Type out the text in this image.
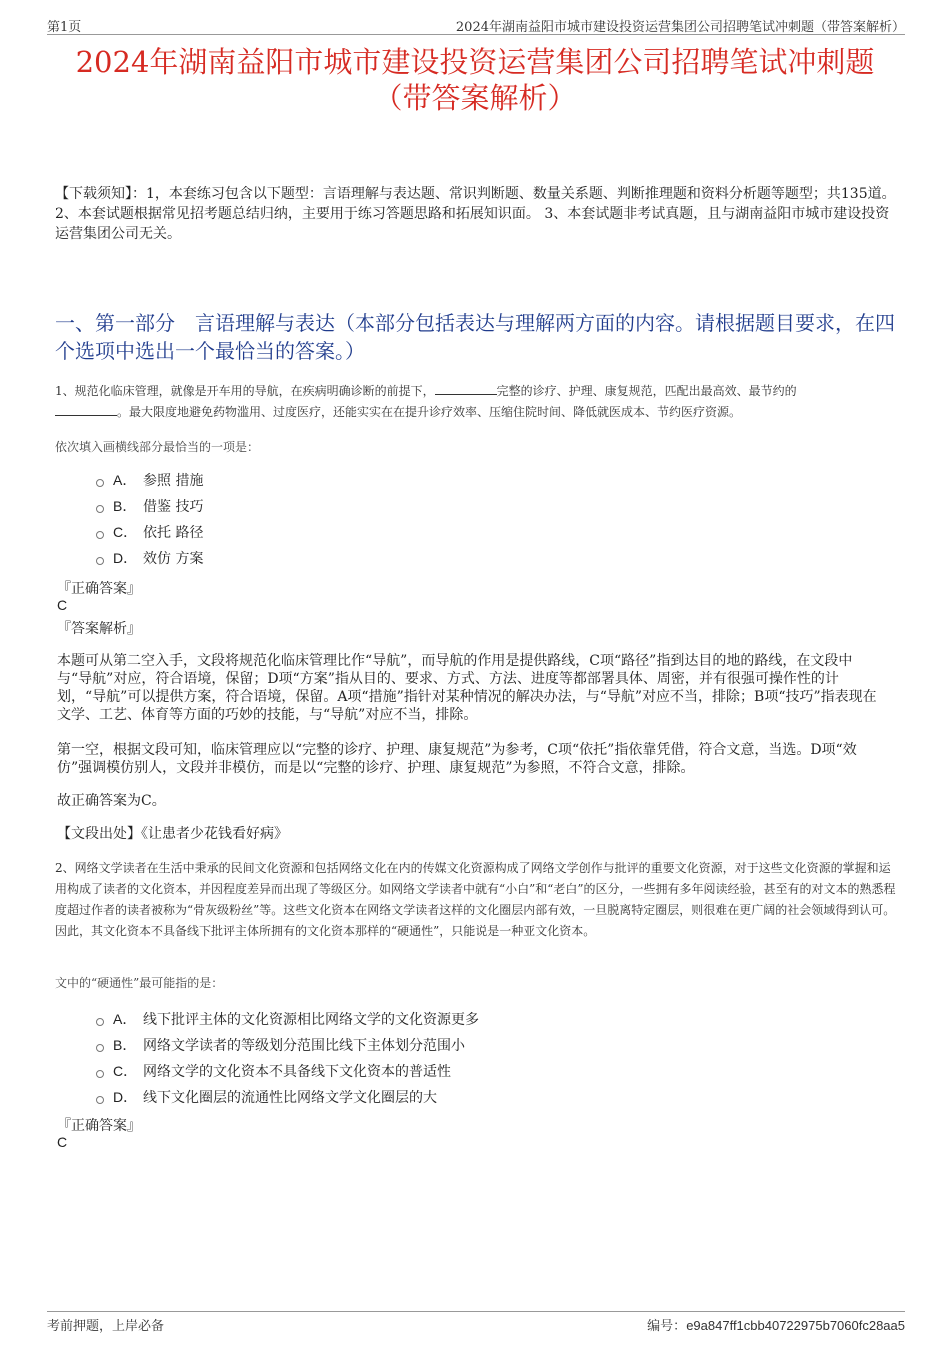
第1页	2024年湖南益阳市城市建设投资运营集团公司招聘笔试冲刺题（带答案解析）
2024年湖南益阳市城市建设投资运营集团公司招聘笔试冲刺题
（带答案解析）
【下载须知】：1，本套练习包含以下题型：言语理解与表达题、常识判断题、数量关系题、判断推理题和资料分析题等题型；共135道。 2、本套试题根据常见招考题总结归纳，主要用于练习答题思路和拓展知识面。 3、本套试题非考试真题，且与湖南益阳市城市建设投资运营集团公司无关。
一、第一部分　言语理解与表达（本部分包括表达与理解两方面的内容。请根据题目要求，在四个选项中选出一个最恰当的答案。）
1、规范化临床管理，就像是开车用的导航，在疾病明确诊断的前提下，	完整的诊疗、护理、康复规范，匹配出最高效、最节约的
。最大限度地避免药物滥用、过度医疗，还能实实在在提升诊疗效率、压缩住院时间、降低就医成本、节约医疗资源。
依次填入画横线部分最恰当的一项是：
A． 参照 措施
B． 借鉴 技巧
C． 依托 路径
D． 效仿 方案
『正确答案』
C
『答案解析』
本题可从第二空入手，文段将规范化临床管理比作“导航”，而导航的作用是提供路线，C项“路径”指到达目的地的路线，在文段中与“导航”对应，符合语境，保留；D项“方案”指从目的、要求、方式、方法、进度等都部署具体、周密，并有很强可操作性的计划，“导航”可以提供方案，符合语境，保留。A项“措施”指针对某种情况的解决办法，与“导航”对应不当，排除；B项“技巧”指表现在文学、工艺、体育等方面的巧妙的技能，与“导航”对应不当，排除。
第一空，根据文段可知，临床管理应以“完整的诊疗、护理、康复规范”为参考，C项“依托”指依靠凭借，符合文意，当选。D项“效仿”强调模仿别人，文段并非模仿，而是以“完整的诊疗、护理、康复规范”为参照，不符合文意，排除。
故正确答案为C。
【文段出处】《让患者少花钱看好病》
2、网络文学读者在生活中秉承的民间文化资源和包括网络文化在内的传媒文化资源构成了网络文学创作与批评的重要文化资源，对于这些文化资源的掌握和运用构成了读者的文化资本，并因程度差异而出现了等级区分。如网络文学读者中就有“小白”和“老白”的区分，一些拥有多年阅读经验，甚至有的对文本的熟悉程度超过作者的读者被称为“骨灰级粉丝”等。这些文化资本在网络文学读者这样的文化圈层内部有效，一旦脱离特定圈层，则很难在更广阔的社会领域得到认可。因此，其文化资本不具备线下批评主体所拥有的文化资本那样的“硬通性”，只能说是一种亚文化资本。
文中的“硬通性”最可能指的是：
A． 线下批评主体的文化资源相比网络文学的文化资源更多
B． 网络文学读者的等级划分范围比线下主体划分范围小
C． 网络文学的文化资本不具备线下文化资本的普适性
D． 线下文化圈层的流通性比网络文学文化圈层的大
『正确答案』
C
考前押题，上岸必备	编号：e9a847ff1cbb40722975b7060fc28aa5
